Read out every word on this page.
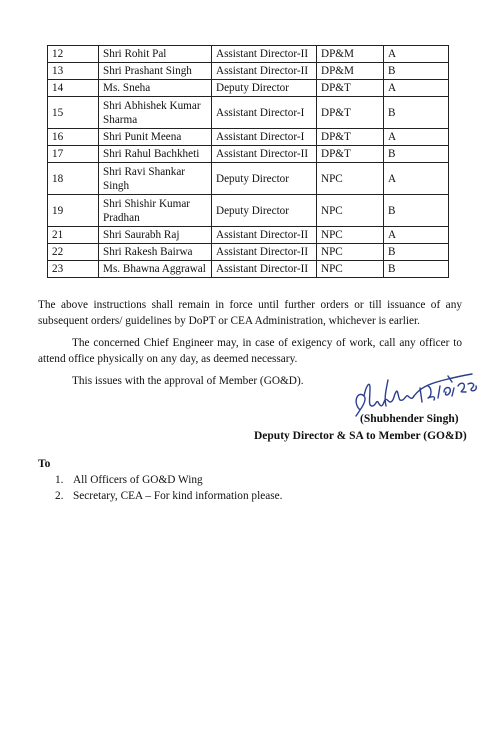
12	Shri Rohit Pal	Assistant Director-II	DP&M	A
13	Shri Prashant Singh	Assistant Director-II	DP&M	B
14	Ms. Sneha	Deputy Director	DP&T	A
15	Shri Abhishek Kumar Sharma	Assistant Director-I	DP&T	B
16	Shri Punit Meena	Assistant Director-I	DP&T	A
17	Shri Rahul Bachkheti	Assistant Director-II	DP&T	B
18	Shri Ravi Shankar Singh	Deputy Director	NPC	A
19	Shri Shishir Kumar Pradhan	Deputy Director	NPC	B
21	Shri Saurabh Raj	Assistant Director-II	NPC	A
22	Shri Rakesh Bairwa	Assistant Director-II	NPC	B
23	Ms. Bhawna Aggrawal	Assistant Director-II	NPC	B
The above instructions shall remain in force until further orders or till issuance of any subsequent orders/ guidelines by DoPT or CEA Administration, whichever is earlier.
The concerned Chief Engineer may, in case of exigency of work, call any officer to attend office physically on any day, as deemed necessary.
This issues with the approval of Member (GO&D).
(Shubhender Singh)
Deputy Director & SA to Member (GO&D)
To
1. All Officers of GO&D Wing
2. Secretary, CEA – For kind information please.
